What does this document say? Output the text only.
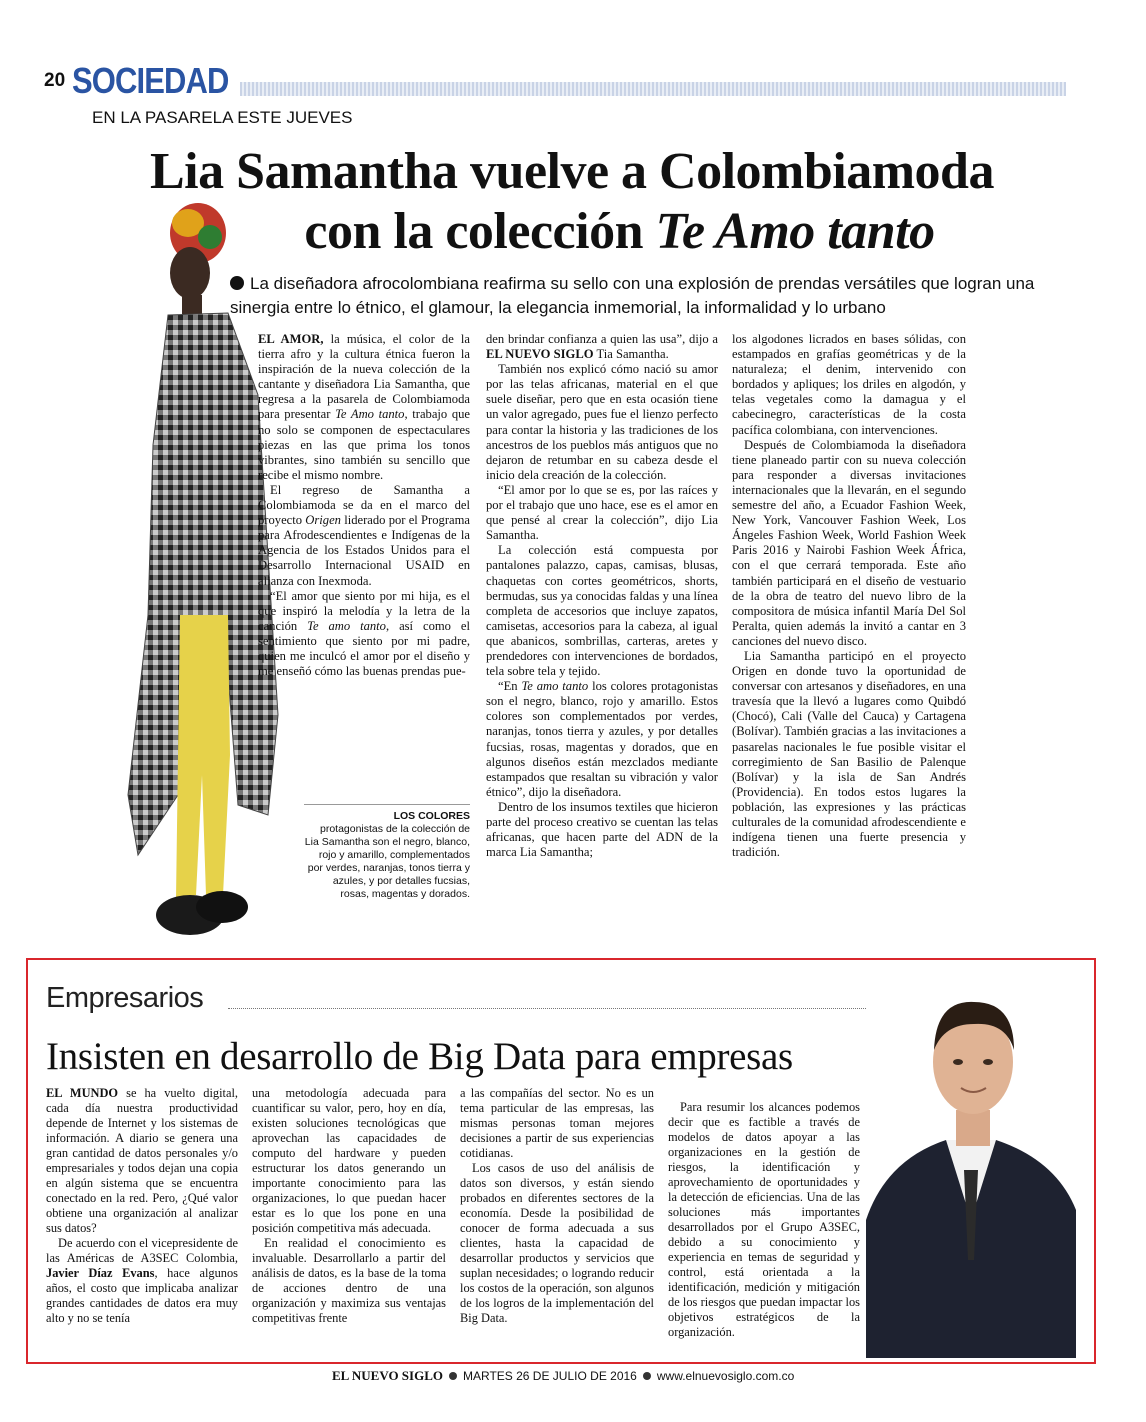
20 SOCIEDAD
EN LA PASARELA ESTE JUEVES
Lia Samantha vuelve a Colombiamoda
con la colección Te Amo tanto
La diseñadora afrocolombiana reafirma su sello con una explosión de prendas versátiles que logran una sinergia entre lo étnico, el glamour, la elegancia inmemorial, la informalidad y lo urbano

EL AMOR, la música, el color de la tierra afro y la cultura étnica fueron la inspiración de la nueva colección de la cantante y diseñadora Lia Samantha, que regresa a la pasarela de Colombiamoda para presentar Te Amo tanto, trabajo que no solo se componen de espectaculares piezas en las que prima los tonos vibrantes, sino también su sencillo que recibe el mismo nombre.

El regreso de Samantha a Colombiamoda se da en el marco del proyecto Origen liderado por el Programa para Afrodescendientes e Indígenas de la Agencia de los Estados Unidos para el Desarrollo Internacional USAID en alianza con Inexmoda.

“El amor que siento por mi hija, es el que inspiró la melodía y la letra de la canción Te amo tanto, así como el sentimiento que siento por mi padre, quien me inculcó el amor por el diseño y me enseñó cómo las buenas prendas pue-

den brindar confianza a quien las usa”, dijo a EL NUEVO SIGLO Tia Samantha.

También nos explicó cómo nació su amor por las telas africanas, material en el que suele diseñar, pero que en esta ocasión tiene un valor agregado, pues fue el lienzo perfecto para contar la historia y las tradiciones de los ancestros de los pueblos más antiguos que no dejaron de retumbar en su cabeza desde el inicio dela creación de la colección.

“El amor por lo que se es, por las raíces y por el trabajo que uno hace, ese es el amor en que pensé al crear la colección”, dijo Lia Samantha.

La colección está compuesta por pantalones palazzo, capas, camisas, blusas, chaquetas con cortes geométricos, shorts, bermudas, sus ya conocidas faldas y una línea completa de accesorios que incluye zapatos, camisetas, accesorios para la cabeza, al igual que abanicos, sombrillas, carteras, aretes y prendedores con intervenciones de bordados, tela sobre tela y tejido.

“En Te amo tanto los colores protagonistas son el negro, blanco, rojo y amarillo. Estos colores son complementados por verdes, naranjas, tonos tierra y azules, y por detalles fucsias, rosas, magentas y dorados, que en algunos diseños están mezclados mediante estampados que resaltan su vibración y valor étnico”, dijo la diseñadora.

Dentro de los insumos textiles que hicieron parte del proceso creativo se cuentan las telas africanas, que hacen parte del ADN de la marca Lia Samantha;

los algodones licrados en bases sólidas, con estampados en grafías geométricas y de la naturaleza; el denim, intervenido con bordados y apliques; los driles en algodón, y telas vegetales como la damagua y el cabecinegro, características de la costa pacífica colombiana, con intervenciones.

Después de Colombiamoda la diseñadora tiene planeado partir con su nueva colección para responder a diversas invitaciones internacionales que la llevarán, en el segundo semestre del año, a Ecuador Fashion Week, New York, Vancouver Fashion Week, Los Ángeles Fashion Week, World Fashion Week Paris 2016 y Nairobi Fashion Week África, con el que cerrará temporada. Este año también participará en el diseño de vestuario de la obra de teatro del nuevo libro de la compositora de música infantil María Del Sol Peralta, quien además la invitó a cantar en 3 canciones del nuevo disco.

Lia Samantha participó en el proyecto Origen en donde tuvo la oportunidad de conversar con artesanos y diseñadores, en una travesía que la llevó a lugares como Quibdó (Chocó), Cali (Valle del Cauca) y Cartagena (Bolívar). También gracias a las invitaciones a pasarelas nacionales le fue posible visitar el corregimiento de San Basilio de Palenque (Bolívar) y la isla de San Andrés (Providencia). En todos estos lugares la población, las expresiones y las prácticas culturales de la comunidad afrodescendiente e indígena tienen una fuerte presencia y tradición.

LOS COLORES
protagonistas de la colección de Lia Samantha son el negro, blanco, rojo y amarillo, complementados por verdes, naranjas, tonos tierra y azules, y por detalles fucsias, rosas, magentas y dorados.
Empresarios
Insisten en desarrollo de Big Data para empresas

EL MUNDO se ha vuelto digital, cada día nuestra productividad depende de Internet y los sistemas de información. A diario se genera una gran cantidad de datos personales y/o empresariales y todos dejan una copia en algún sistema que se encuentra conectado en la red. Pero, ¿Qué valor obtiene una organización al analizar sus datos?

De acuerdo con el vicepresidente de las Américas de A3SEC Colombia, Javier Díaz Evans, hace algunos años, el costo que implicaba analizar grandes cantidades de datos era muy alto y no se tenía

una metodología adecuada para cuantificar su valor, pero, hoy en día, existen soluciones tecnológicas que aprovechan las capacidades de computo del hardware y pueden estructurar los datos generando un importante conocimiento para las organizaciones, lo que puedan hacer estar es lo que los pone en una posición competitiva más adecuada.

En realidad el conocimiento es invaluable. Desarrollarlo a partir del análisis de datos, es la base de la toma de acciones dentro de una organización y maximiza sus ventajas competitivas frente

a las compañías del sector. No es un tema particular de las empresas, las mismas personas toman mejores decisiones a partir de sus experiencias cotidianas.

Los casos de uso del análisis de datos son diversos, y están siendo probados en diferentes sectores de la economía. Desde la posibilidad de conocer de forma adecuada a sus clientes, hasta la capacidad de desarrollar productos y servicios que suplan necesidades; o logrando reducir los costos de la operación, son algunos de los logros de la implementación del Big Data.

Para resumir los alcances podemos decir que es factible a través de modelos de datos apoyar a las organizaciones en la gestión de riesgos, la identificación y aprovechamiento de oportunidades y la detección de eficiencias. Una de las soluciones más importantes desarrollados por el Grupo A3SEC, debido a su conocimiento y experiencia en temas de seguridad y control, está orientada a la identificación, medición y mitigación de los riesgos que puedan impactar los objetivos estratégicos de la organización.

EL NUEVO SIGLO MARTES 26 DE JULIO DE 2016 www.elnuevosiglo.com.co
